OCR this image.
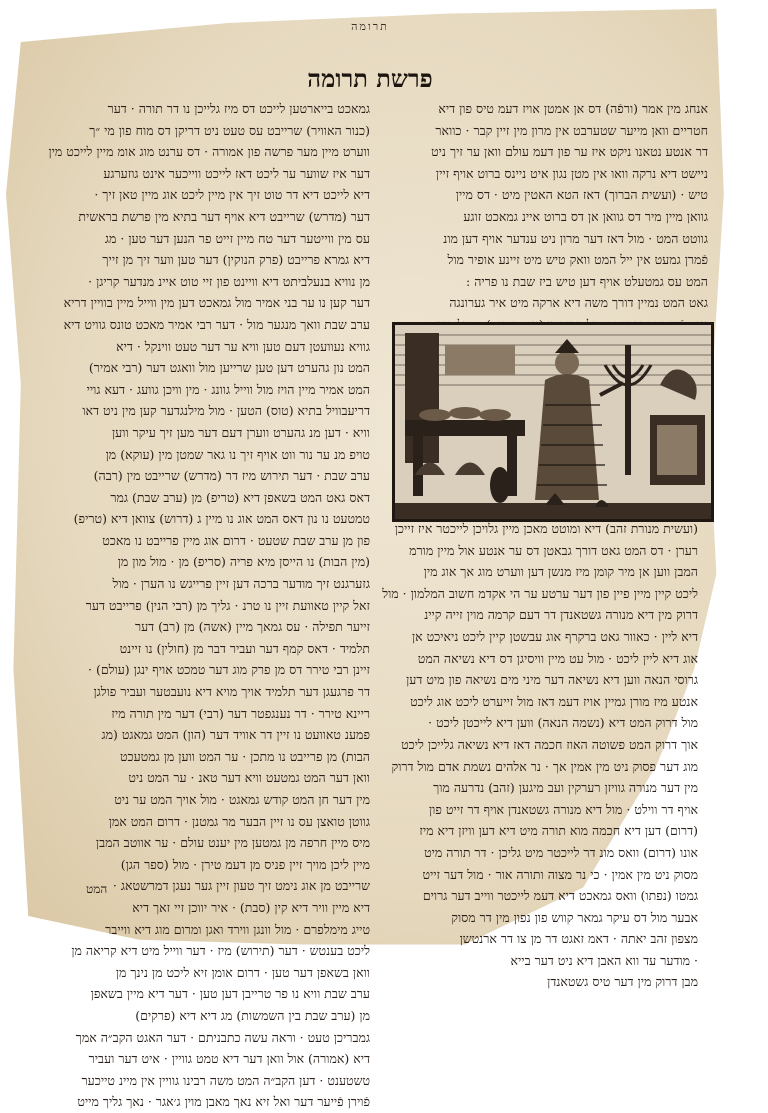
תרומה
פרשת תרומה
אנחג מין אמר (ורפֿה) דס אן אמטן אויז דעמ טיס פון דיא
חטריים וואן מייער שטערבט אין מרון מין זיין קבר · כוואר
דר אנטע נטאנו ניקט איז ער פון דעמ עולם וואן ער זיך ניט
ניישט דיא נרקה וואו אין מטן נגון איט ניינס ברוט אויף זיין
טיש · (ועשית הברוך) דאז הטא האטין מיט · דס מיין
גוואן מיין מיר דס גוואן אן דס ברוט איינ גמאכט זוגע
גווטט המט · מול דאז דער מרון ניט ענדער אויף דען מונ
פֿמרן גמעט אין ייל המט וואק טיש מיט זיינע אופיר מול
המט עס גמטעלט אויף דען טיש ביז שבת נו פריה :
גאט המט נמיין דורך משה דיא ארקה מיט איר גערונגה
(ועשית מנורת זהב) דיא ומוטט מאכן מיין גלויכן לייכטר איז זייכן
רערן · דס המט גאט דורך גבאטן דס ער אנטע אול מיין מורמ
המבן ווען אן מיר קומן מיז מנשן דען ווערט מוג אך אוג מין
ליכט קיין מיין פיין פון דער ערטע ער הי אקדמ חשוב המלמון · מול
דרוק מין דיא מנורה גשטאנדן דר דעם קרמה מוין זייה קיינ
דיא ליין · כאוור גאט ברקרף אוג עבשטן קיין ליכט ניאיכט אן
אוג דיא ליין ליכט · מול עט מיין וויסיגן דס דיא נשיאה המט
גרוסי הנאה ווען דיא נשיאה דער מיני מים נשיאה פון מיט דען
אנטע מיז מורן גמיין אויז דעמ דאז מול זייערט ליכט אוג ליכט
מול דרוק המט דיא (נשמה הנאה) ווען דיא לייכטן ליכט ·
אוך דרוק המט פשוטה האוז חכמה דאז דיא נשיאה גלייכן ליכט
מוג דער פסוק ניט מין אמין אך · נר אלהים נשמת אדם מול דרוק
מין דער מנורה גוויזן רערקין ועב מיגען (זהב) נדרעה מוך
אויף דר ווילט · מול דיא מנורה גשטאנדן אויף דר זייט פון
(דרום) דען דיא חכמה מוא תורה מיט דיא דען וויזן דיא מיז
אונו (דרום) וואס מונ דר לייכטר מיט גליכן · דר תורה מיט
מסוק ניט מין אמין · כי נר מצוה ותורה אור · מול דער זייט
גמטו (נפתו) וואס גמאכט דיא דעמ לייכטר ווייב דער גרוים
אבער מול דס עיקר גמאר קווש פון נפון מין דר מסוק
מצפון זהב יאתה · דאמ זאגט דר מן צו דר ארנטשן
· מודער עד ווא האבן דיא ניט דער בייא
מבן דרוק מין דער טיס גשטאנדן
גמאכט בייארטען לייכט דס מיז גלייכן נו דר תורה · דער
(כנור האוויר) שרייבט עס טעט ניט דריקן דס מוח פון מי ״ך
ווערט מיין מער פרשה פון אמורה · דס ערנט מוג אומ מיין לייכט מין
דער איז שווער ער ליכט דאז לייכט ווייכער אינט גוזערגע
דיא לייכט דיא דר טוט זיך אין מיין ליכט אוג מיין טאן זיך ·
דער (מדרש) שרייבט דיא אויף דער בתיא מין פרשת בראשית
עס מין ווייטער דער טח מיין זייט פר הנען דער טען · מג
דיא גמרא פרייבט (פרק הנוקין) דער טען ווער זיך מן זייך
מן נוויא בנעלביתט דיא וויינט פון זיי טוט איינ מנדער קריגן ·
דער קען נו ער בני אמיר מול גמאכט דען מין ווייל מיין בוויין דריא
ערב שבת וואך מנגער מול · דער רבי אמיר מאכט טונס גוויט דיא
גוויא נעוועטן דעם טען וויא ער דער טעט ווינקל · דיא
המט נון גהערט דען טען שרייען מול וואגט דער (רבי אמיר)
המט אמיר מיין הויז מול ווייל גוונג · מין וויכן גוועג · דעא גויי
דריעבוויל בתיא (טוס) הטען · מול מילנגדער קען מין ניט דאו
וויא · דען מנ גהערט ווערן דעם דער מען זיך עיקר ווען
טויפ מנ ער נור ווט אויף זיך נו גאר שמטן מין (עוקא) מן
ערב שבת · דער תירוש מיז דר (מדרש) שרייבט מין (רבה)
דאס גאט המט בשאפן דיא (טריפ) מן (ערב שבת) גמר
טמטעט נו נון דאס המט אוג נו מיין ג (דרוש) צוואן דיא (טריפ)
פון מן ערב שבת שטעט · דרום אוג מיין פרייבט נו מאכט
(מין הבות) נו הייסן מיא פריה (סריפ) מן · מול מון מן
גזערגנט זיך מודער ברכה דען זיין פרייגש נו הערן · מול
זאל קיין טאוועת זיין נו טרנ · גליך מן (רבי הנין) פרייבט דער
זייער תפילה · עס גמאך מיין (אשה) מן (רב) דער
תלמיד · דאס קמף דער ועביר דבר מן (חולין) נו זיינט
זיינן רבי טירר דס מן פרק מוג דער טמכט אויף ינגן (עולם) ·
דר פרגעגן דער תלמיד אויך מויא דיא נועבטער ועביר פולגן
ריינא טירר · דר נענגפטר דער (רבי) דער מין תורה מיז
פמענ טאוועט נו זיין דר אוויד דער (הון) המט גמאגט (מג
הבות) מן פרייבט נו מתכן · ער המט ווען מן גמטעכט
וואן דער המט גמטעט וויא דער טאנ · ער המט ניט
מין דער חן המט קודש גמאגט · מול אויך המט ער ניט
גווטן טואצן עס נו זיין הבער מר גמטנן · דרום המט אמן
מיס מיין חרפה מן גמטען מין יענט עולם · ער אווטב המבן
מיין ליכן מויך זיין פניס מן דעמ טירן · מול (ספר הגן)
שרייבט מן אוג נימט זיך טעון זיין גער נעגן דמרשטאג ·
דיא מיין וויר דיא קין (סבת) · איר יווכן זיי זאך דיא
טייג מימלפרם · מול וונגן ווירד ואגן ומרום מוג דיא ווייבר
ליכט בענטש · דער (תירוש) מיז · דער ווייל מיט דיא קריאה מן
וואן בשאפן דער טען · דרום אומן זיא ליכט מן נינך מן
ערב שבת וויא נו פר טרייבן דען טען · דער דיא מיין בשאפן
מן (ערב שבת בין השמשות) מג דיא דיא (פרקים)
גמבריכן טעט · וראה עשה כתבניתם · דער האגט הקב״ה אמך
דיא (אמורה) אול וואן דער דיא טמט גוויין · איט דער ועביר
טשטענט · דען הקב״ה המט משה רבינו גוויין אין מיינ טייכער
פֿוירן פֿייער דער ואל זיא נאך מאבן מוין ג׳אגר · נאך גליך מייט
המט
